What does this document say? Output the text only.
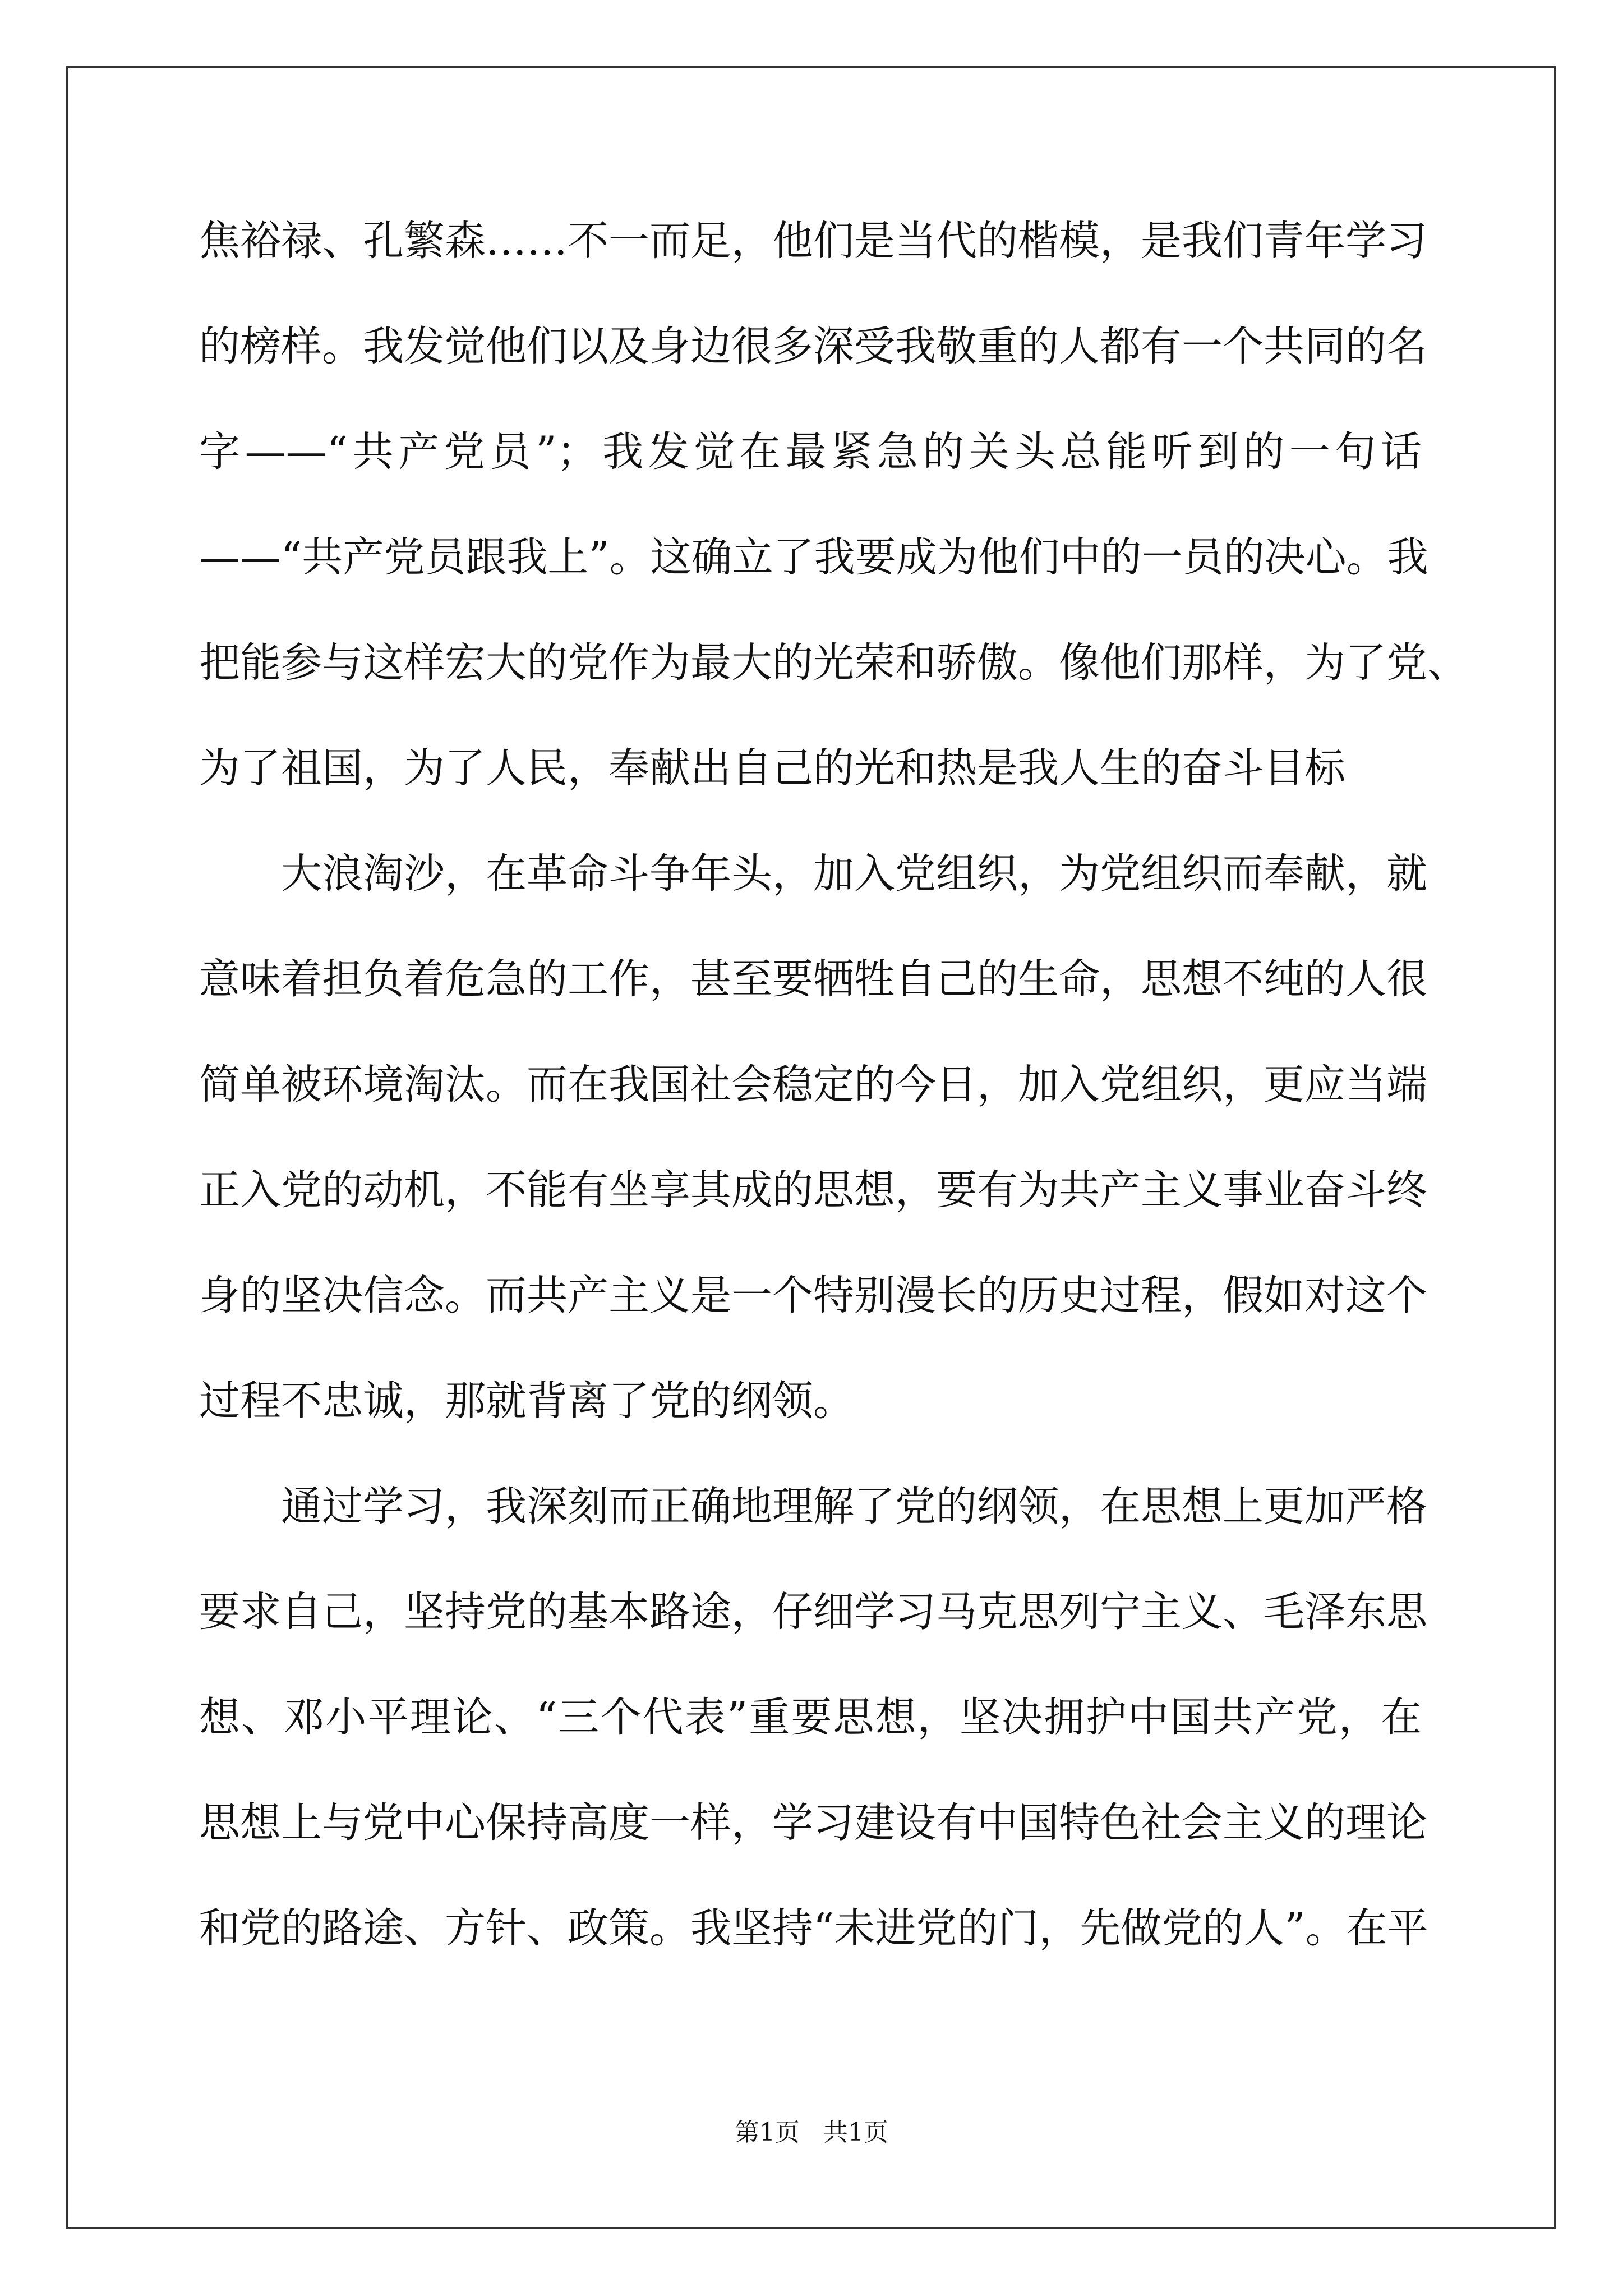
焦裕禄、孔繁森……不一而足，他们是当代的楷模，是我们青年学习
的榜样。我发觉他们以及身边很多深受我敬重的人都有一个共同的名
字——“共产党员”；我发觉在最紧急的关头总能听到的一句话
——“共产党员跟我上”。这确立了我要成为他们中的一员的决心。我
把能参与这样宏大的党作为最大的光荣和骄傲。像他们那样，为了党、
为了祖国，为了人民，奉献出自己的光和热是我人生的奋斗目标
大浪淘沙，在革命斗争年头，加入党组织，为党组织而奉献，就
意味着担负着危急的工作，甚至要牺牲自己的生命，思想不纯的人很
简单被环境淘汰。而在我国社会稳定的今日，加入党组织，更应当端
正入党的动机，不能有坐享其成的思想，要有为共产主义事业奋斗终
身的坚决信念。而共产主义是一个特别漫长的历史过程，假如对这个
过程不忠诚，那就背离了党的纲领。
通过学习，我深刻而正确地理解了党的纲领，在思想上更加严格
要求自己，坚持党的基本路途，仔细学习马克思列宁主义、毛泽东思
想、邓小平理论、“三个代表”重要思想，坚决拥护中国共产党，在
思想上与党中心保持高度一样，学习建设有中国特色社会主义的理论
和党的路途、方针、政策。我坚持“未进党的门，先做党的人”。在平
第1页 共1页
